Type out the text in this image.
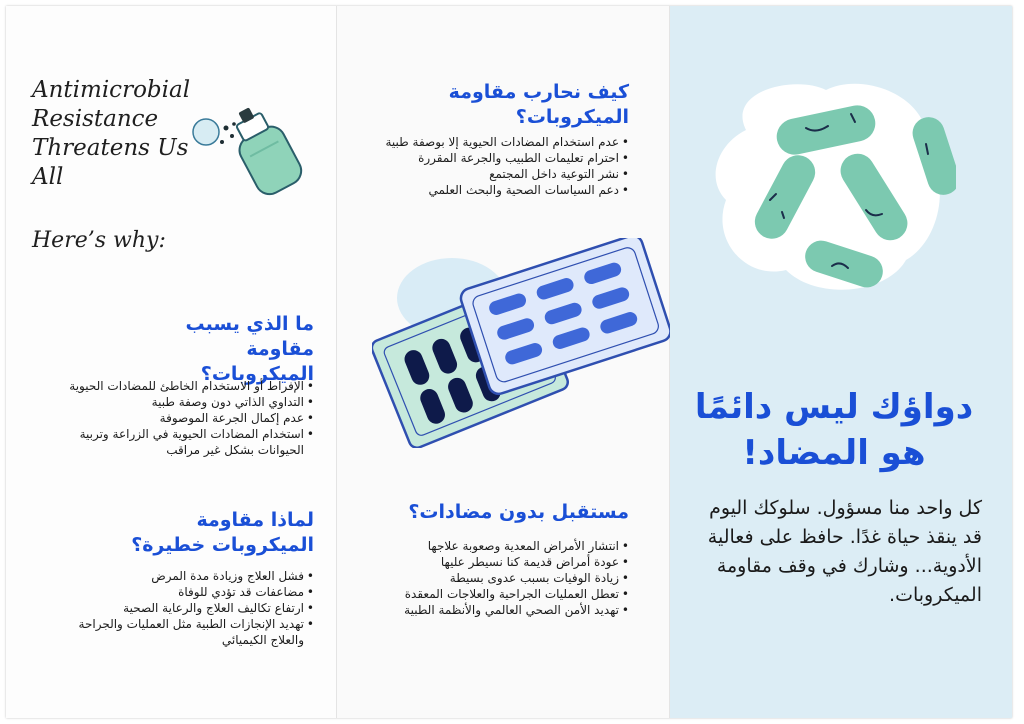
Antimicrobial Resistance Threatens Us All
Here’s why:
ما الذي يسبب مقاومة الميكروبات؟
• الإفراط أو الاستخدام الخاطئ للمضادات الحيوية
• التداوي الذاتي دون وصفة طبية
• عدم إكمال الجرعة الموصوفة
• استخدام المضادات الحيوية في الزراعة وتربية الحيوانات بشكل غير مراقب
لماذا مقاومة الميكروبات خطيرة؟
• فشل العلاج وزيادة مدة المرض
• مضاعفات قد تؤدي للوفاة
• ارتفاع تكاليف العلاج والرعاية الصحية
• تهديد الإنجازات الطبية مثل العمليات والجراحة والعلاج الكيميائي
كيف نحارب مقاومة الميكروبات؟
• عدم استخدام المضادات الحيوية إلا بوصفة طبية
• احترام تعليمات الطبيب والجرعة المقررة
• نشر التوعية داخل المجتمع
• دعم السياسات الصحية والبحث العلمي
مستقبل بدون مضادات؟
• انتشار الأمراض المعدية وصعوبة علاجها
• عودة أمراض قديمة كنا نسيطر عليها
• زيادة الوفيات بسبب عدوى بسيطة
• تعطل العمليات الجراحية والعلاجات المعقدة
• تهديد الأمن الصحي العالمي والأنظمة الطبية
دواؤك ليس دائمًا هو المضاد!

كل واحد منا مسؤول. سلوكك اليوم قد ينقذ حياة غدًا. حافظ على فعالية الأدوية... وشارك في وقف مقاومة الميكروبات.
